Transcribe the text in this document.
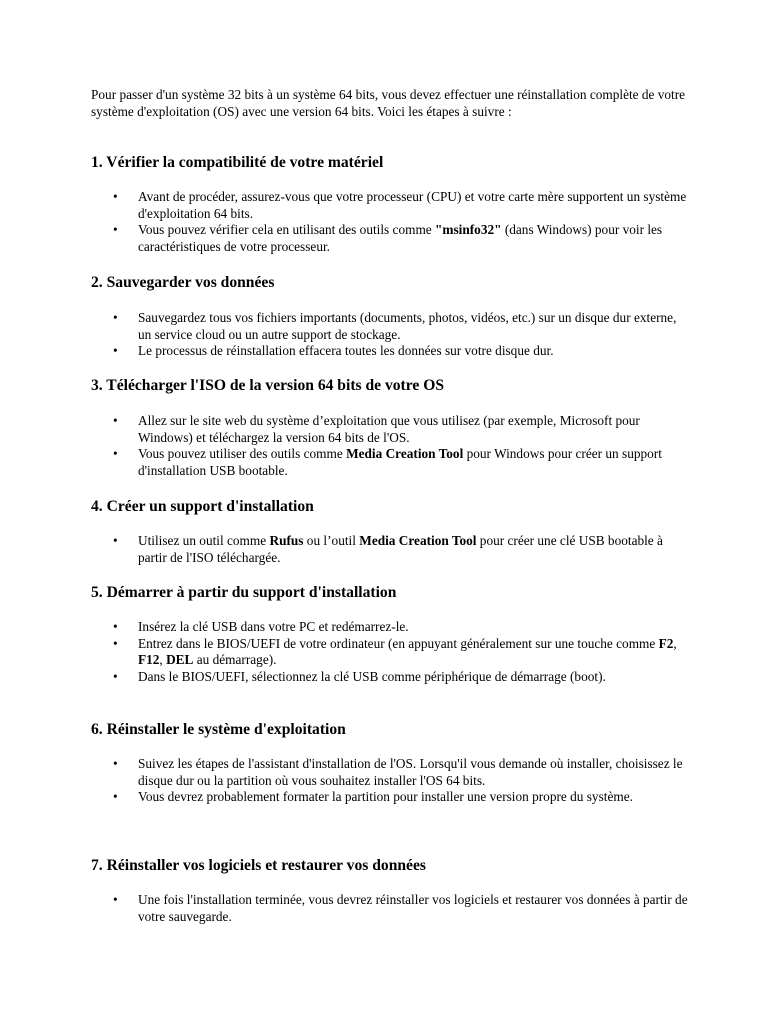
Pour passer d'un système 32 bits à un système 64 bits, vous devez effectuer une réinstallation complète de votre système d'exploitation (OS) avec une version 64 bits. Voici les étapes à suivre :

1. Vérifier la compatibilité de votre matériel
• Avant de procéder, assurez-vous que votre processeur (CPU) et votre carte mère supportent un système d'exploitation 64 bits.
• Vous pouvez vérifier cela en utilisant des outils comme "msinfo32" (dans Windows) pour voir les caractéristiques de votre processeur.
2. Sauvegarder vos données
• Sauvegardez tous vos fichiers importants (documents, photos, vidéos, etc.) sur un disque dur externe, un service cloud ou un autre support de stockage.
• Le processus de réinstallation effacera toutes les données sur votre disque dur.
3. Télécharger l'ISO de la version 64 bits de votre OS
• Allez sur le site web du système d’exploitation que vous utilisez (par exemple, Microsoft pour Windows) et téléchargez la version 64 bits de l'OS.
• Vous pouvez utiliser des outils comme Media Creation Tool pour Windows pour créer un support d'installation USB bootable.
4. Créer un support d'installation
• Utilisez un outil comme Rufus ou l’outil Media Creation Tool pour créer une clé USB bootable à partir de l'ISO téléchargée.
5. Démarrer à partir du support d'installation
• Insérez la clé USB dans votre PC et redémarrez-le.
• Entrez dans le BIOS/UEFI de votre ordinateur (en appuyant généralement sur une touche comme F2, F12, DEL au démarrage).
• Dans le BIOS/UEFI, sélectionnez la clé USB comme périphérique de démarrage (boot).
6. Réinstaller le système d'exploitation
• Suivez les étapes de l'assistant d'installation de l'OS. Lorsqu'il vous demande où installer, choisissez le disque dur ou la partition où vous souhaitez installer l'OS 64 bits.
• Vous devrez probablement formater la partition pour installer une version propre du système.
7. Réinstaller vos logiciels et restaurer vos données
• Une fois l'installation terminée, vous devrez réinstaller vos logiciels et restaurer vos données à partir de votre sauvegarde.
